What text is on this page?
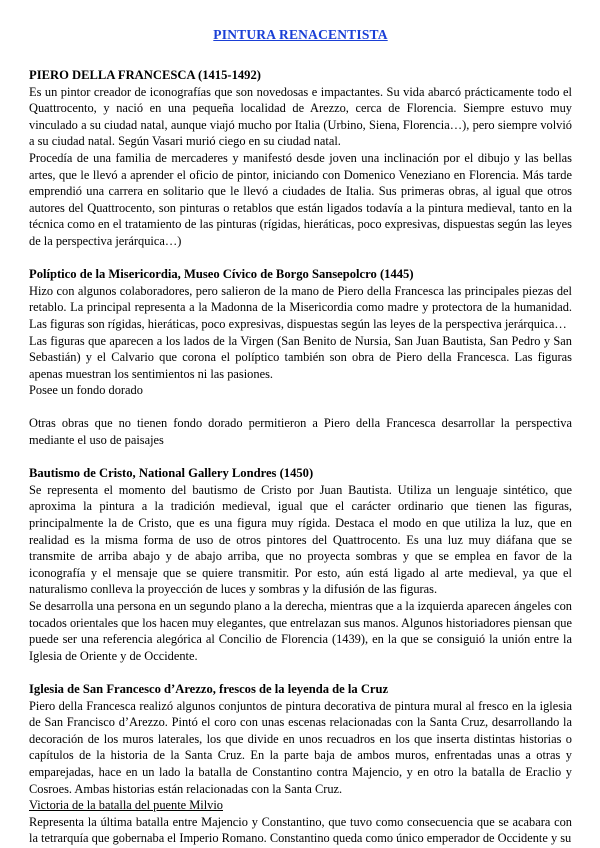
PINTURA RENACENTISTA
PIERO DELLA FRANCESCA (1415-1492)

Es un pintor creador de iconografías que son novedosas e impactantes. Su vida abarcó prácticamente todo el Quattrocento, y nació en una pequeña localidad de Arezzo, cerca de Florencia. Siempre estuvo muy vinculado a su ciudad natal, aunque viajó mucho por Italia (Urbino, Siena, Florencia…), pero siempre volvió a su ciudad natal. Según Vasari murió ciego en su ciudad natal.

Procedía de una familia de mercaderes y manifestó desde joven una inclinación por el dibujo y las bellas artes, que le llevó a aprender el oficio de pintor, iniciando con Domenico Veneziano en Florencia. Más tarde emprendió una carrera en solitario que le llevó a ciudades de Italia. Sus primeras obras, al igual que otros autores del Quattrocento, son pinturas o retablos que están ligados todavía a la pintura medieval, tanto en la técnica como en el tratamiento de las pinturas (rígidas, hieráticas, poco expresivas, dispuestas según las leyes de la perspectiva jerárquica…)

Políptico de la Misericordia, Museo Cívico de Borgo Sansepolcro (1445)

Hizo con algunos colaboradores, pero salieron de la mano de Piero della Francesca las principales piezas del retablo. La principal representa a la Madonna de la Misericordia como madre y protectora de la humanidad. Las figuras son rígidas, hieráticas, poco expresivas, dispuestas según las leyes de la perspectiva jerárquica…

Las figuras que aparecen a los lados de la Virgen (San Benito de Nursia, San Juan Bautista, San Pedro y San Sebastián) y el Calvario que corona el políptico también son obra de Piero della Francesca. Las figuras apenas muestran los sentimientos ni las pasiones.

Posee un fondo dorado

Otras obras que no tienen fondo dorado permitieron a Piero della Francesca desarrollar la perspectiva mediante el uso de paisajes

Bautismo de Cristo, National Gallery Londres (1450)

Se representa el momento del bautismo de Cristo por Juan Bautista. Utiliza un lenguaje sintético, que aproxima la pintura a la tradición medieval, igual que el carácter ordinario que tienen las figuras, principalmente la de Cristo, que es una figura muy rígida. Destaca el modo en que utiliza la luz, que en realidad es la misma forma de uso de otros pintores del Quattrocento. Es una luz muy diáfana que se transmite de arriba abajo y de abajo arriba, que no proyecta sombras y que se emplea en favor de la iconografía y el mensaje que se quiere transmitir. Por esto, aún está ligado al arte medieval, ya que el naturalismo conlleva la proyección de luces y sombras y la difusión de las figuras.

Se desarrolla una persona en un segundo plano a la derecha, mientras que a la izquierda aparecen ángeles con tocados orientales que los hacen muy elegantes, que entrelazan sus manos. Algunos historiadores piensan que puede ser una referencia alegórica al Concilio de Florencia (1439), en la que se consiguió la unión entre la Iglesia de Oriente y de Occidente.

Iglesia de San Francesco d’Arezzo, frescos de la leyenda de la Cruz

Piero della Francesca realizó algunos conjuntos de pintura decorativa de pintura mural al fresco en la iglesia de San Francisco d’Arezzo. Pintó el coro con unas escenas relacionadas con la Santa Cruz, desarrollando la decoración de los muros laterales, los que divide en unos recuadros en los que inserta distintas historias o capítulos de la historia de la Santa Cruz. En la parte baja de ambos muros, enfrentadas unas a otras y emparejadas, hace en un lado la batalla de Constantino contra Majencio, y en otro la batalla de Eraclio y Cosroes. Ambas historias están relacionadas con la Santa Cruz.

Victoria de la batalla del puente Milvio

Representa la última batalla entre Majencio y Constantino, que tuvo como consecuencia que se acabara con la tetrarquía que gobernaba el Imperio Romano. Constantino queda como único emperador de Occidente y su
